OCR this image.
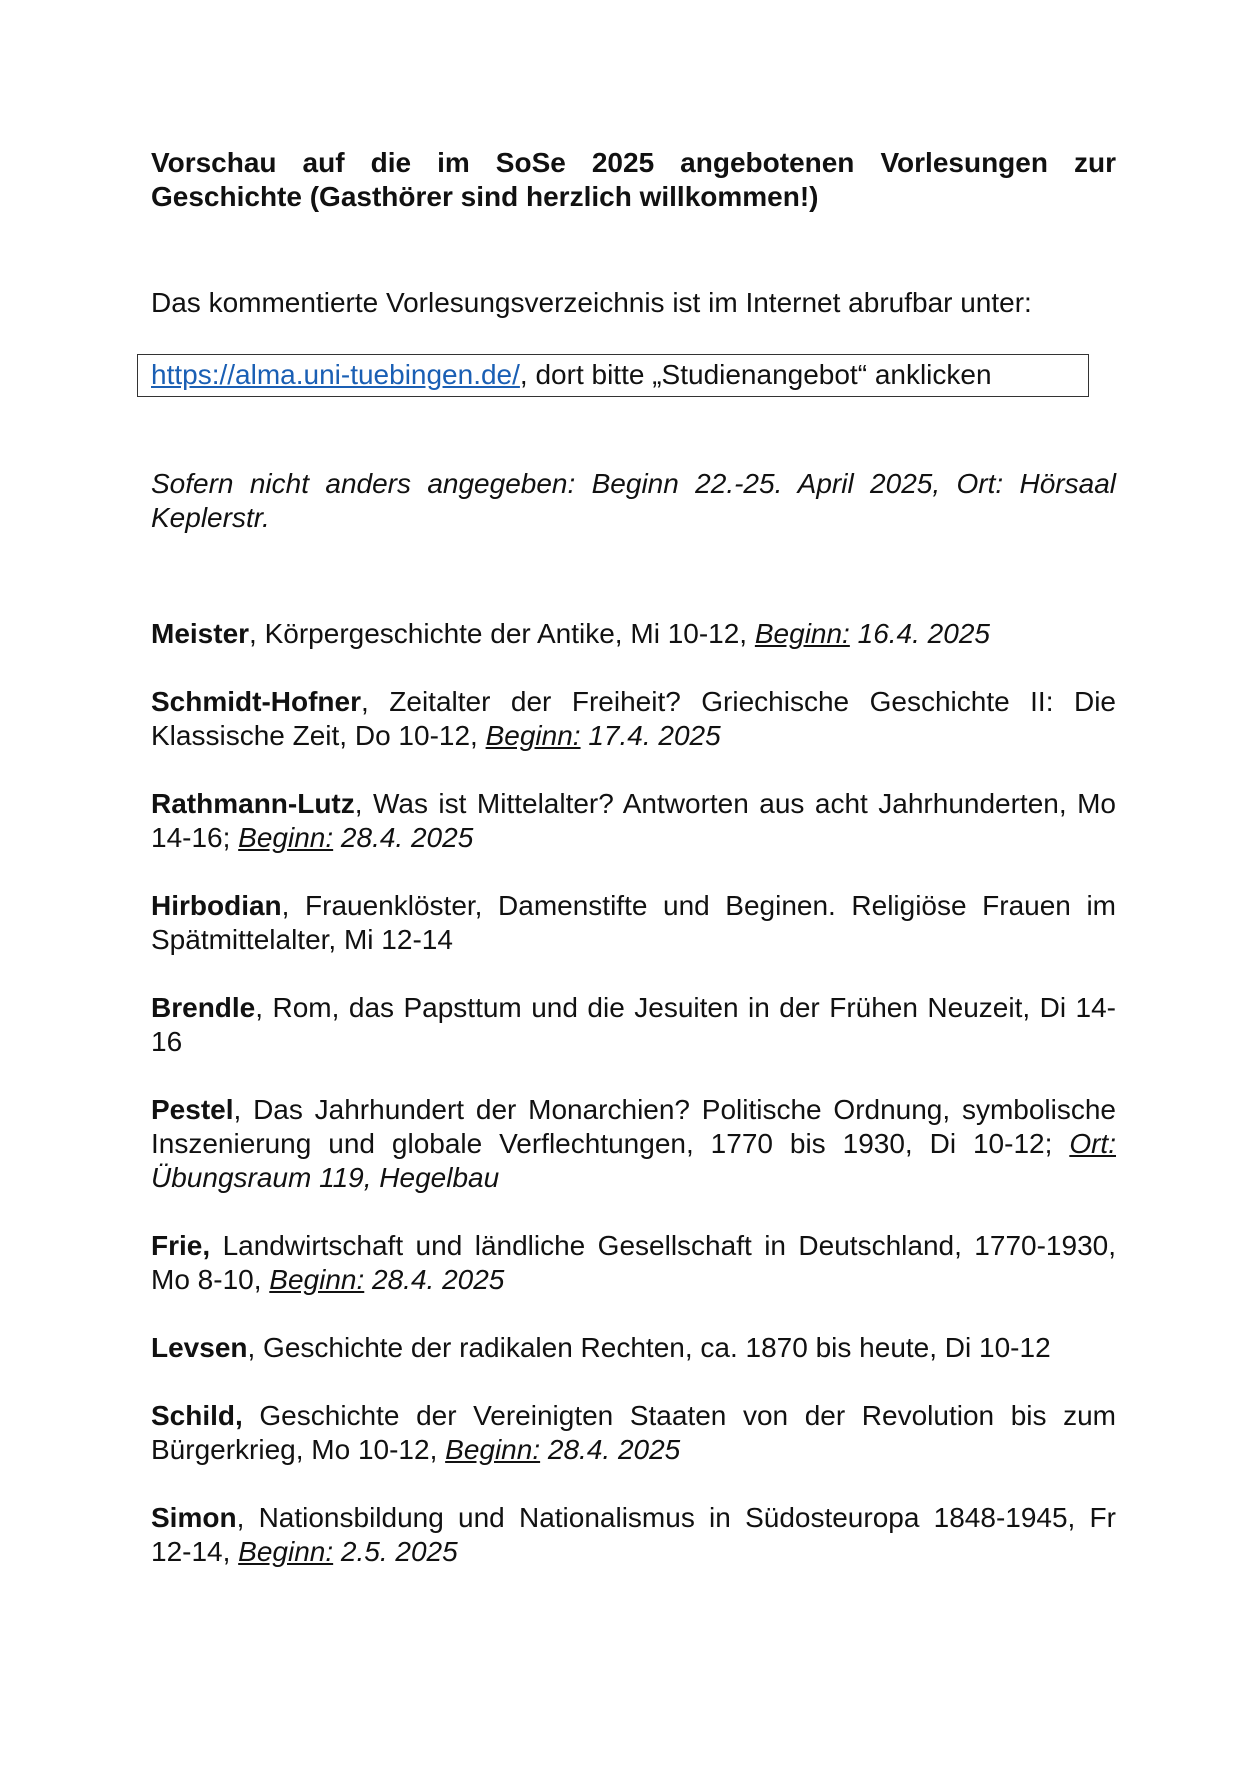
Vorschau auf die im SoSe 2025 angebotenen Vorlesungen zur Geschichte (Gasthörer sind herzlich willkommen!)

Das kommentierte Vorlesungsverzeichnis ist im Internet abrufbar unter:

https://alma.uni-tuebingen.de/, dort bitte „Studienangebot“ anklicken

Sofern nicht anders angegeben: Beginn 22.-25. April 2025, Ort: Hörsaal Keplerstr.

Meister, Körpergeschichte der Antike, Mi 10-12, Beginn: 16.4. 2025
Schmidt-Hofner, Zeitalter der Freiheit? Griechische Geschichte II: Die Klassische Zeit, Do 10-12, Beginn: 17.4. 2025
Rathmann-Lutz, Was ist Mittelalter? Antworten aus acht Jahrhunderten, Mo 14-16; Beginn: 28.4. 2025
Hirbodian, Frauenklöster, Damenstifte und Beginen. Religiöse Frauen im Spätmittelalter, Mi 12-14
Brendle, Rom, das Papsttum und die Jesuiten in der Frühen Neuzeit, Di 14-16
Pestel, Das Jahrhundert der Monarchien? Politische Ordnung, symbolische Inszenierung und globale Verflechtungen, 1770 bis 1930, Di 10-12; Ort: Übungsraum 119, Hegelbau
Frie, Landwirtschaft und ländliche Gesellschaft in Deutschland, 1770-1930, Mo 8-10, Beginn: 28.4. 2025
Levsen, Geschichte der radikalen Rechten, ca. 1870 bis heute, Di 10-12
Schild, Geschichte der Vereinigten Staaten von der Revolution bis zum Bürgerkrieg, Mo 10-12, Beginn: 28.4. 2025
Simon, Nationsbildung und Nationalismus in Südosteuropa 1848-1945, Fr 12-14, Beginn: 2.5. 2025
